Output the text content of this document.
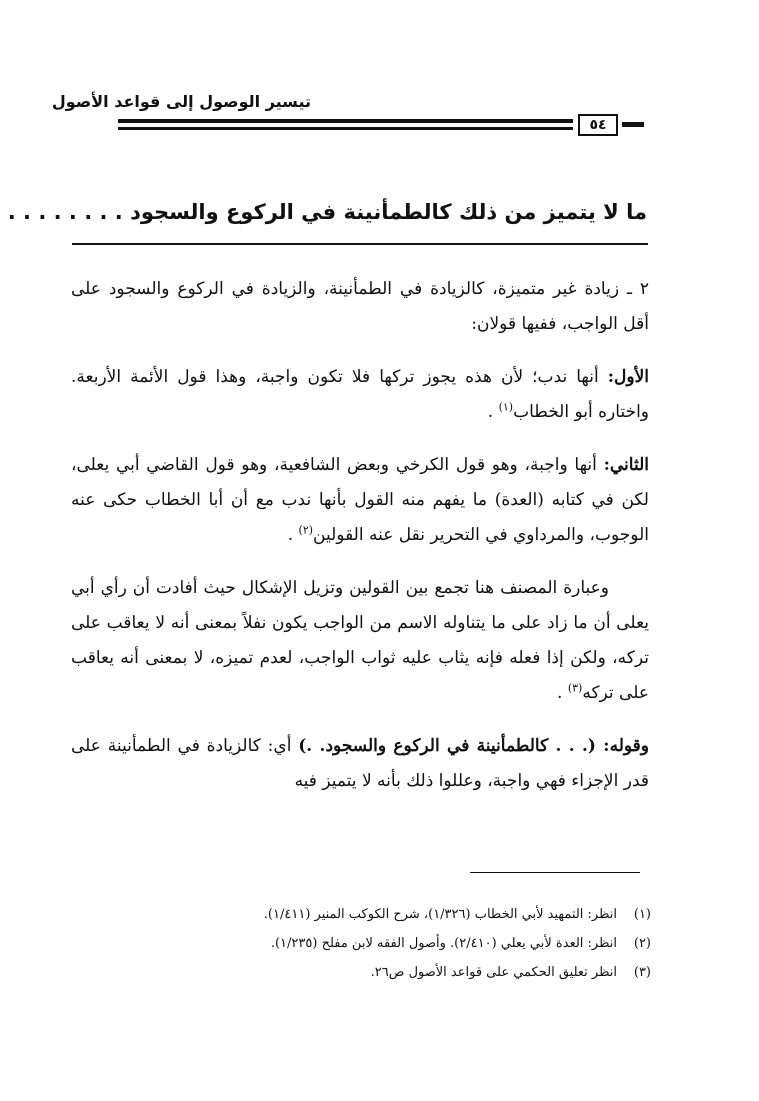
تيسير الوصول إلى قواعد الأصول
٥٤
ما لا يتميز من ذلك كالطمأنينة في الركوع والسجود . . . . . . . .

٢ ـ زيادة غير متميزة، كالزيادة في الطمأنينة، والزيادة في الركوع والسجود على أقل الواجب، ففيها قولان:

الأول: أنها ندب؛ لأن هذه يجوز تركها فلا تكون واجبة، وهذا قول الأئمة الأربعة. واختاره أبو الخطاب$^{(١)}$ .

الثاني: أنها واجبة، وهو قول الكرخي وبعض الشافعية، وهو قول القاضي أبي يعلى، لكن في كتابه (العدة) ما يفهم منه القول بأنها ندب مع أن أبا الخطاب حكى عنه الوجوب، والمرداوي في التحرير نقل عنه القولين$^{(٢)}$ .

وعبارة المصنف هنا تجمع بين القولين وتزيل الإشكال حيث أفادت أن رأي أبي يعلى أن ما زاد على ما يتناوله الاسم من الواجب يكون نفلاً بمعنى أنه لا يعاقب على تركه، ولكن إذا فعله فإنه يثاب عليه ثواب الواجب، لعدم تميزه، لا بمعنى أنه يعاقب على تركه$^{(٣)}$ .

وقوله: (. . . كالطمأنينة في الركوع والسجود. .) أي: كالزيادة في الطمأنينة على قدر الإجزاء فهي واجبة، وعللوا ذلك بأنه لا يتميز فيه

(١)
انظر: التمهيد لأبي الخطاب (١/٣٢٦)، شرح الكوكب المنير (١/٤١١).
(٢)
انظر: العدة لأبي يعلي (٢/٤١٠). وأصول الفقه لابن مفلح (١/٢٣٥).
(٣)
انظر تعليق الحكمي على قواعد الأصول ص٢٦.
